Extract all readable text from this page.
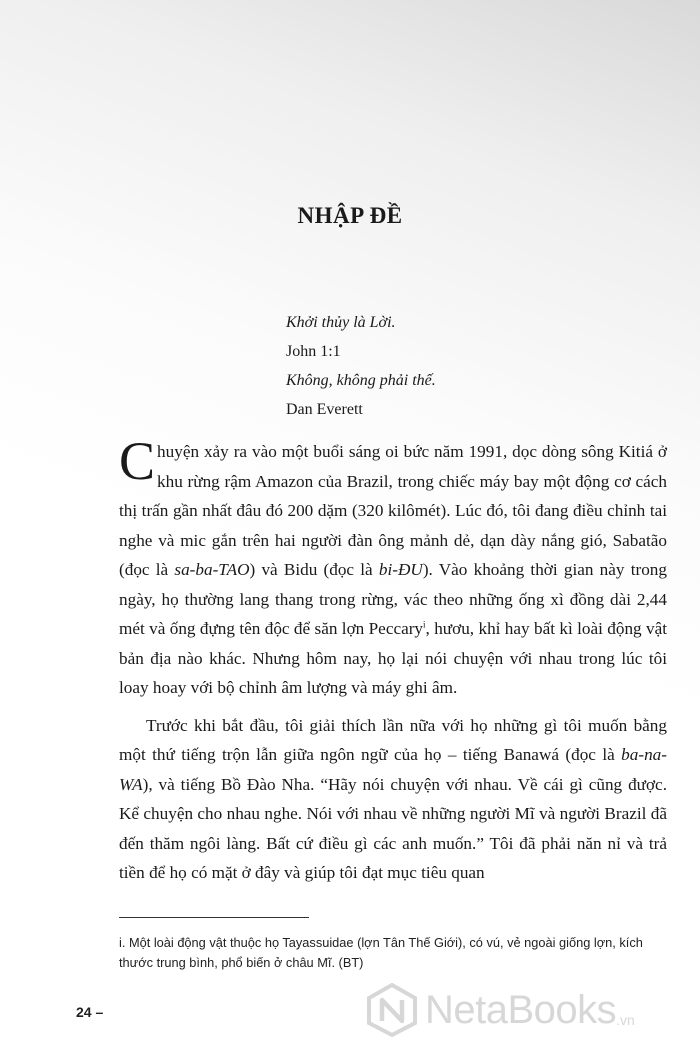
NHẬP ĐỀ
Khởi thủy là Lời.
John 1:1
Không, không phải thế.
Dan Everett

Chuyện xảy ra vào một buổi sáng oi bức năm 1991, dọc dòng sông Kitiá ở khu rừng rậm Amazon của Brazil, trong chiếc máy bay một động cơ cách thị trấn gần nhất đâu đó 200 dặm (320 kilômét). Lúc đó, tôi đang điều chỉnh tai nghe và mic gắn trên hai người đàn ông mảnh dẻ, dạn dày nắng gió, Sabatão (đọc là sa-ba-TAO) và Bidu (đọc là bi-ĐU). Vào khoảng thời gian này trong ngày, họ thường lang thang trong rừng, vác theo những ống xì đồng dài 2,44 mét và ống đựng tên độc để săn lợn Peccary$^i$, hươu, khỉ hay bất kì loài động vật bản địa nào khác. Nhưng hôm nay, họ lại nói chuyện với nhau trong lúc tôi loay hoay với bộ chỉnh âm lượng và máy ghi âm.

Trước khi bắt đầu, tôi giải thích lần nữa với họ những gì tôi muốn bằng một thứ tiếng trộn lẫn giữa ngôn ngữ của họ – tiếng Banawá (đọc là ba-na-WA), và tiếng Bồ Đào Nha. “Hãy nói chuyện với nhau. Về cái gì cũng được. Kể chuyện cho nhau nghe. Nói với nhau về những người Mĩ và người Brazil đã đến thăm ngôi làng. Bất cứ điều gì các anh muốn.” Tôi đã phải năn nỉ và trả tiền để họ có mặt ở đây và giúp tôi đạt mục tiêu quan

i. Một loài động vật thuộc họ Tayassuidae (lợn Tân Thế Giới), có vú, vẻ ngoài giống lợn, kích thước trung bình, phổ biến ở châu Mĩ. (BT)
24 –	NetaBooks .vn
